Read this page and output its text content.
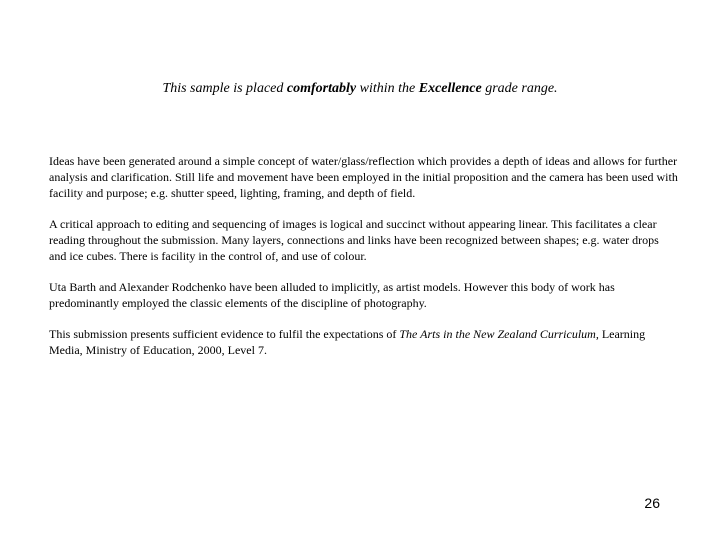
This sample is placed comfortably within the Excellence grade range.

Ideas have been generated around a simple concept of water/glass/reflection which provides a depth of ideas and allows for further analysis and clarification. Still life and movement have been employed in the initial proposition and the camera has been used with facility and purpose; e.g. shutter speed, lighting, framing, and depth of field.

A critical approach to editing and sequencing of images is logical and succinct without appearing linear. This facilitates a clear reading throughout the submission. Many layers, connections and links have been recognized between shapes; e.g. water drops and ice cubes. There is facility in the control of, and use of colour.

Uta Barth and Alexander Rodchenko have been alluded to implicitly, as artist models. However this body of work has predominantly employed the classic elements of the discipline of photography.

This submission presents sufficient evidence to fulfil the expectations of The Arts in the New Zealand Curriculum, Learning Media, Ministry of Education, 2000, Level 7.

26
